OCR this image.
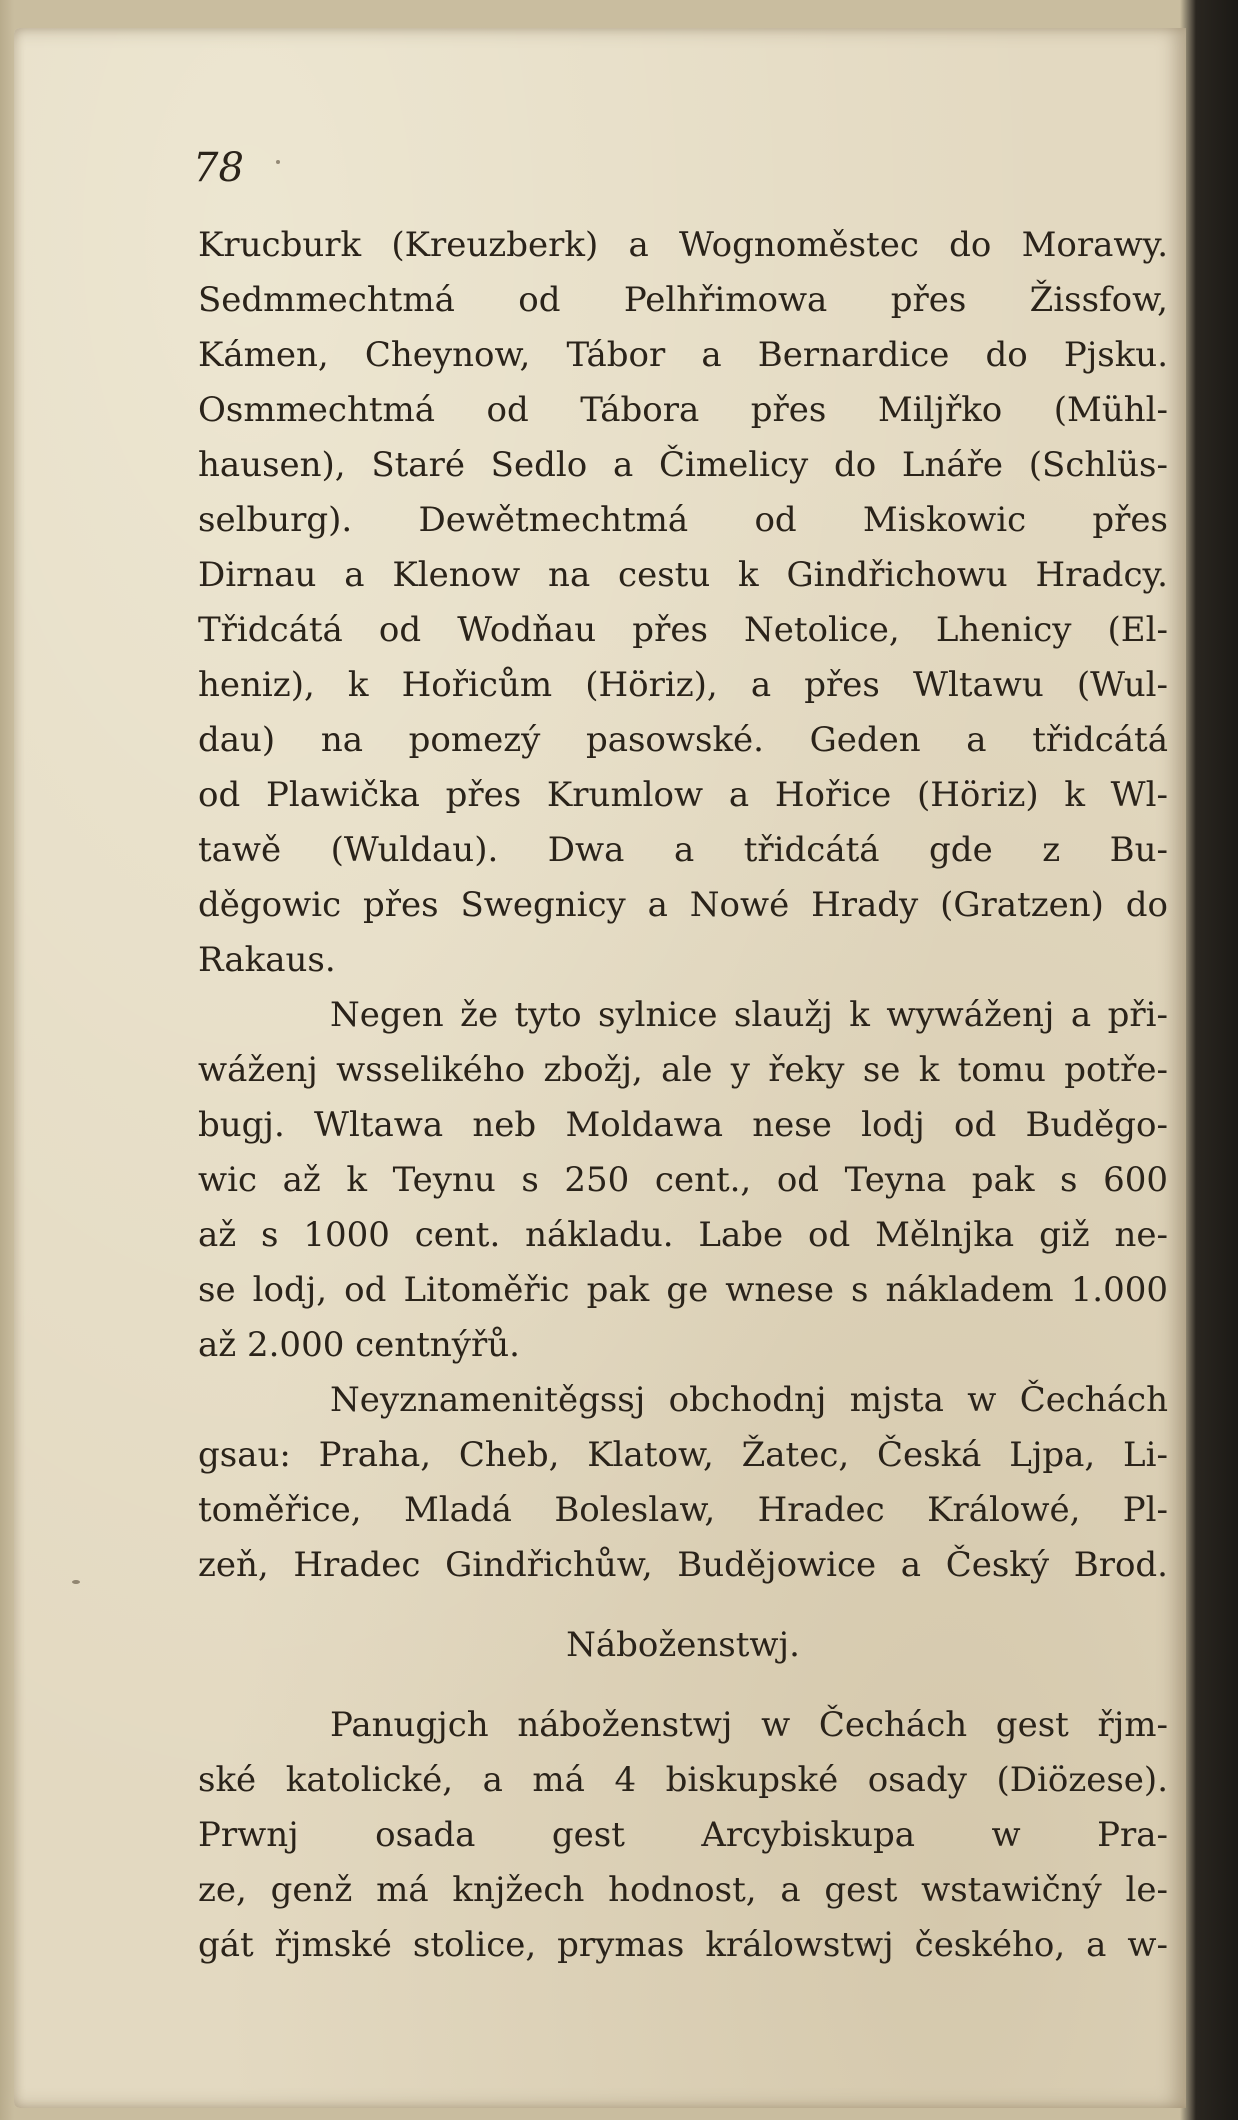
78
Krucburk (Kreuzberk) a Wognoměstec do Morawy.
Sedmmechtmá od Pelhřimowa přes Žissfow,
Kámen, Cheynow, Tábor a Bernardice do Pjsku.
Osmmechtmá od Tábora přes Miljřko (Mühl-
hausen), Staré Sedlo a Čimelicy do Lnáře (Schlüs-
selburg). Dewětmechtmá od Miskowic přes
Dirnau a Klenow na cestu k Gindřichowu Hradcy.
Třidcátá od Wodňau přes Netolice, Lhenicy (El-
heniz), k Hořicům (Höriz), a přes Wltawu (Wul-
dau) na pomezý pasowské. Geden a třidcátá
od Plawička přes Krumlow a Hořice (Höriz) k Wl-
tawě (Wuldau). Dwa a třidcátá gde z Bu-
děgowic přes Swegnicy a Nowé Hrady (Gratzen) do
Rakaus.
Negen že tyto sylnice slaužj k wywáženj a při-
wáženj wsselikého zbožj, ale y řeky se k tomu potře-
bugj. Wltawa neb Moldawa nese lodj od Buděgo-
wic až k Teynu s 250 cent., od Teyna pak s 600
až s 1000 cent. nákladu. Labe od Mělnjka giž ne-
se lodj, od Litoměřic pak ge wnese s nákladem 1.000
až 2.000 centnýřů.
Neyznamenitěgssj obchodnj mjsta w Čechách
gsau: Praha, Cheb, Klatow, Žatec, Česká Ljpa, Li-
toměřice, Mladá Boleslaw, Hradec Králowé, Pl-
zeň, Hradec Gindřichůw, Budějowice a Český Brod.
Náboženstwj.
Panugjch náboženstwj w Čechách gest řjm-
ské katolické, a má 4 biskupské osady (Diözese).
Prwnj osada gest Arcybiskupa w Pra-
ze, genž má knjžech hodnost, a gest wstawičný le-
gát řjmské stolice, prymas králowstwj českého, a w-
